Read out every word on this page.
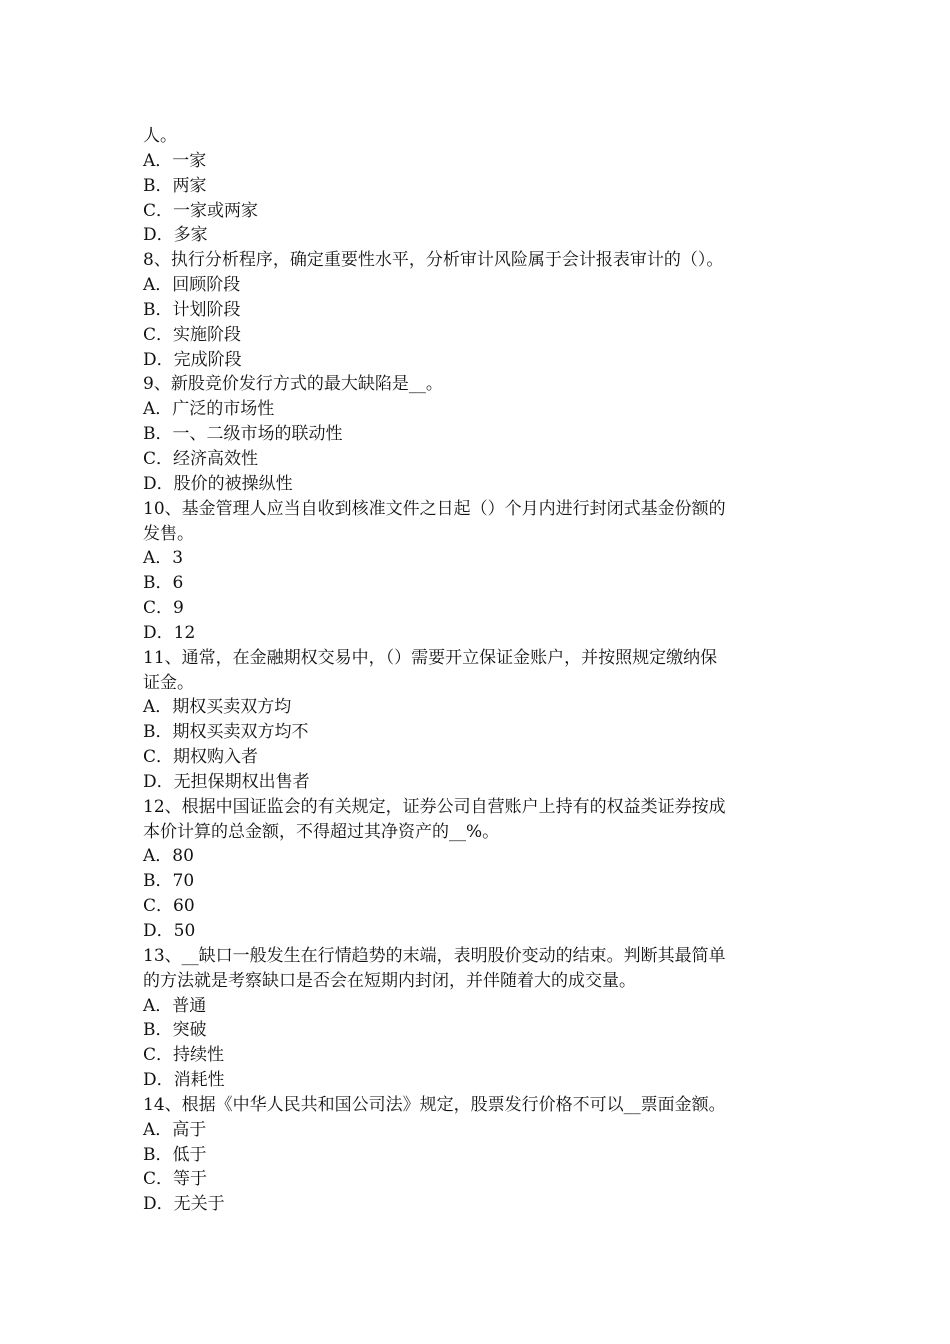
人。
A．一家
B．两家
C．一家或两家
D．多家
8、执行分析程序，确定重要性水平，分析审计风险属于会计报表审计的（）。
A．回顾阶段
B．计划阶段
C．实施阶段
D．完成阶段
9、新股竞价发行方式的最大缺陷是__。
A．广泛的市场性
B．一、二级市场的联动性
C．经济高效性
D．股价的被操纵性
10、基金管理人应当自收到核准文件之日起（）个月内进行封闭式基金份额的
发售。
A．3
B．6
C．9
D．12
11、通常，在金融期权交易中，（）需要开立保证金账户，并按照规定缴纳保
证金。
A．期权买卖双方均
B．期权买卖双方均不
C．期权购入者
D．无担保期权出售者
12、根据中国证监会的有关规定，证券公司自营账户上持有的权益类证券按成
本价计算的总金额，不得超过其净资产的__%。
A．80
B．70
C．60
D．50
13、__缺口一般发生在行情趋势的末端，表明股价变动的结束。判断其最简单
的方法就是考察缺口是否会在短期内封闭，并伴随着大的成交量。
A．普通
B．突破
C．持续性
D．消耗性
14、根据《中华人民共和国公司法》规定，股票发行价格不可以__票面金额。
A．高于
B．低于
C．等于
D．无关于
